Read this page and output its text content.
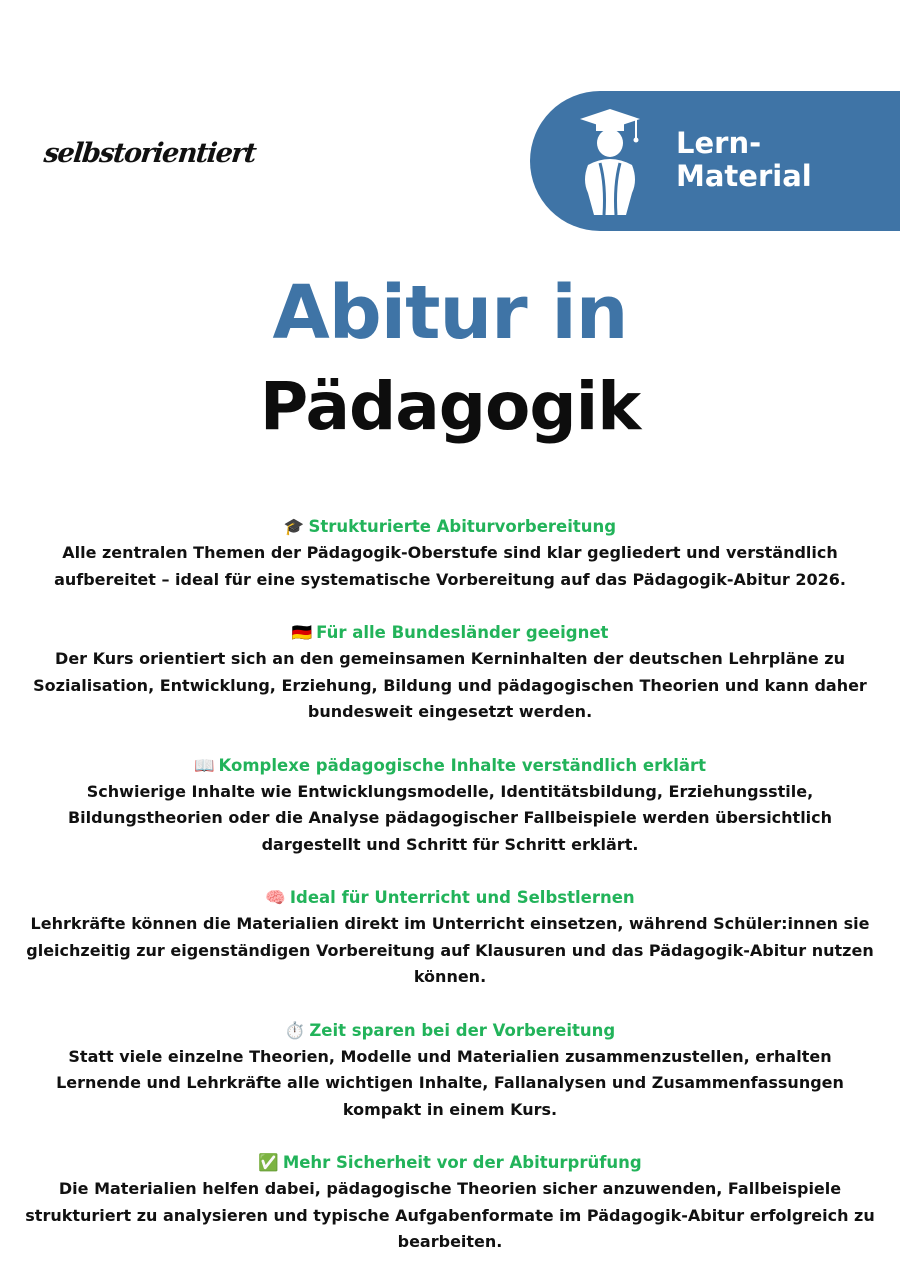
selbstorientiert	Lern-
Material
Abitur in
Pädagogik
🎓 Strukturierte Abiturvorbereitung
Alle zentralen Themen der Pädagogik-Oberstufe sind klar gegliedert und verständlich aufbereitet – ideal für eine systematische Vorbereitung auf das Pädagogik-Abitur 2026.
🇩🇪 Für alle Bundesländer geeignet
Der Kurs orientiert sich an den gemeinsamen Kerninhalten der deutschen Lehrpläne zu Sozialisation, Entwicklung, Erziehung, Bildung und pädagogischen Theorien und kann daher bundesweit eingesetzt werden.
📖 Komplexe pädagogische Inhalte verständlich erklärt
Schwierige Inhalte wie Entwicklungsmodelle, Identitätsbildung, Erziehungsstile, Bildungstheorien oder die Analyse pädagogischer Fallbeispiele werden übersichtlich dargestellt und Schritt für Schritt erklärt.
🧠 Ideal für Unterricht und Selbstlernen
Lehrkräfte können die Materialien direkt im Unterricht einsetzen, während Schüler:innen sie gleichzeitig zur eigenständigen Vorbereitung auf Klausuren und das Pädagogik-Abitur nutzen können.
⏱️ Zeit sparen bei der Vorbereitung
Statt viele einzelne Theorien, Modelle und Materialien zusammenzustellen, erhalten Lernende und Lehrkräfte alle wichtigen Inhalte, Fallanalysen und Zusammenfassungen kompakt in einem Kurs.
✅ Mehr Sicherheit vor der Abiturprüfung
Die Materialien helfen dabei, pädagogische Theorien sicher anzuwenden, Fallbeispiele strukturiert zu analysieren und typische Aufgabenformate im Pädagogik-Abitur erfolgreich zu bearbeiten.
